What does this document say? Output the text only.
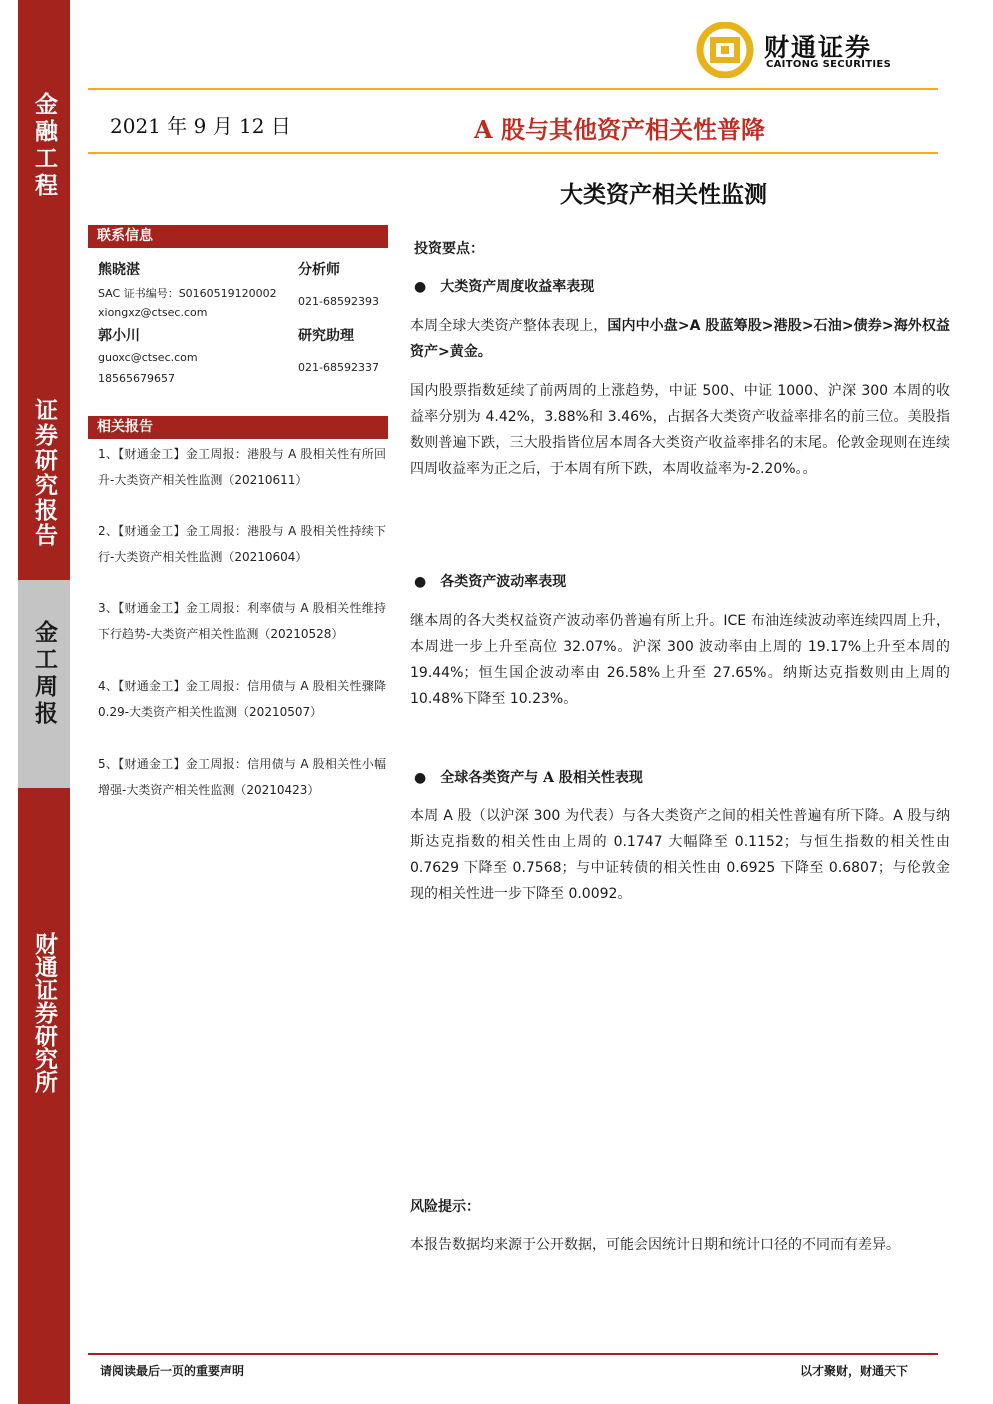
金融工程
证券研究报告
金工周报
财通证券研究所
财通证券
CAITONG SECURITIES
2021 年 9 月 12 日	A 股与其他资产相关性普降
大类资产相关性监测
联系信息
熊晓湛	分析师
SAC 证书编号：S0160519120002
021-68592393
xiongxz@ctsec.com
郭小川	研究助理
guoxc@ctsec.com
021-68592337
18565679657
相关报告
1、【财通金工】金工周报：港股与 A 股相关性有所回升-大类资产相关性监测（20210611）
2、【财通金工】金工周报：港股与 A 股相关性持续下行-大类资产相关性监测（20210604）
3、【财通金工】金工周报：利率债与 A 股相关性维持下行趋势-大类资产相关性监测（20210528）
4、【财通金工】金工周报：信用债与 A 股相关性骤降 0.29-大类资产相关性监测（20210507）
5、【财通金工】金工周报：信用债与 A 股相关性小幅增强-大类资产相关性监测（20210423）
投资要点：
● 大类资产周度收益率表现
本周全球大类资产整体表现上，国内中小盘>A 股蓝筹股>港股>石油>债券>海外权益资产>黄金。
国内股票指数延续了前两周的上涨趋势，中证 500、中证 1000、沪深 300 本周的收益率分别为 4.42%，3.88%和 3.46%，占据各大类资产收益率排名的前三位。美股指数则普遍下跌，三大股指皆位居本周各大类资产收益率排名的末尾。伦敦金现则在连续四周收益率为正之后，于本周有所下跌，本周收益率为-2.20%。。
● 各类资产波动率表现
继本周的各大类权益资产波动率仍普遍有所上升。ICE 布油连续波动率连续四周上升，本周进一步上升至高位 32.07%。沪深 300 波动率由上周的 19.17%上升至本周的 19.44%；恒生国企波动率由 26.58%上升至 27.65%。纳斯达克指数则由上周的 10.48%下降至 10.23%。
● 全球各类资产与 A 股相关性表现
本周 A 股（以沪深 300 为代表）与各大类资产之间的相关性普遍有所下降。A 股与纳斯达克指数的相关性由上周的 0.1747 大幅降至 0.1152；与恒生指数的相关性由 0.7629 下降至 0.7568；与中证转债的相关性由 0.6925 下降至 0.6807；与伦敦金现的相关性进一步下降至 0.0092。
风险提示：
本报告数据均来源于公开数据，可能会因统计日期和统计口径的不同而有差异。
请阅读最后一页的重要声明	以才聚财，财通天下
